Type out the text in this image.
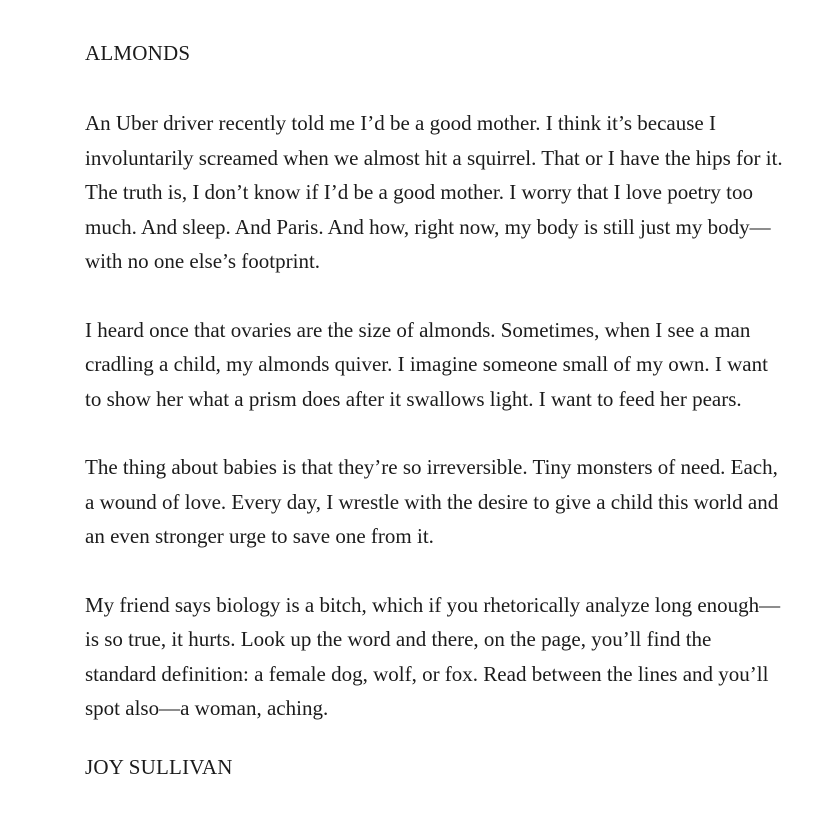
ALMONDS

An Uber driver recently told me I’d be a good mother. I think it’s because I involuntarily screamed when we almost hit a squirrel. That or I have the hips for it. The truth is, I don’t know if I’d be a good mother. I worry that I love poetry too much. And sleep. And Paris. And how, right now, my body is still just my body—with no one else’s footprint.

I heard once that ovaries are the size of almonds. Sometimes, when I see a man cradling a child, my almonds quiver. I imagine someone small of my own. I want to show her what a prism does after it swallows light. I want to feed her pears.

The thing about babies is that they’re so irreversible. Tiny monsters of need. Each, a wound of love. Every day, I wrestle with the desire to give a child this world and an even stronger urge to save one from it.

My friend says biology is a bitch, which if you rhetorically analyze long enough—is so true, it hurts. Look up the word and there, on the page, you’ll find the standard definition: a female dog, wolf, or fox. Read between the lines and you’ll spot also—a woman, aching.

JOY SULLIVAN
